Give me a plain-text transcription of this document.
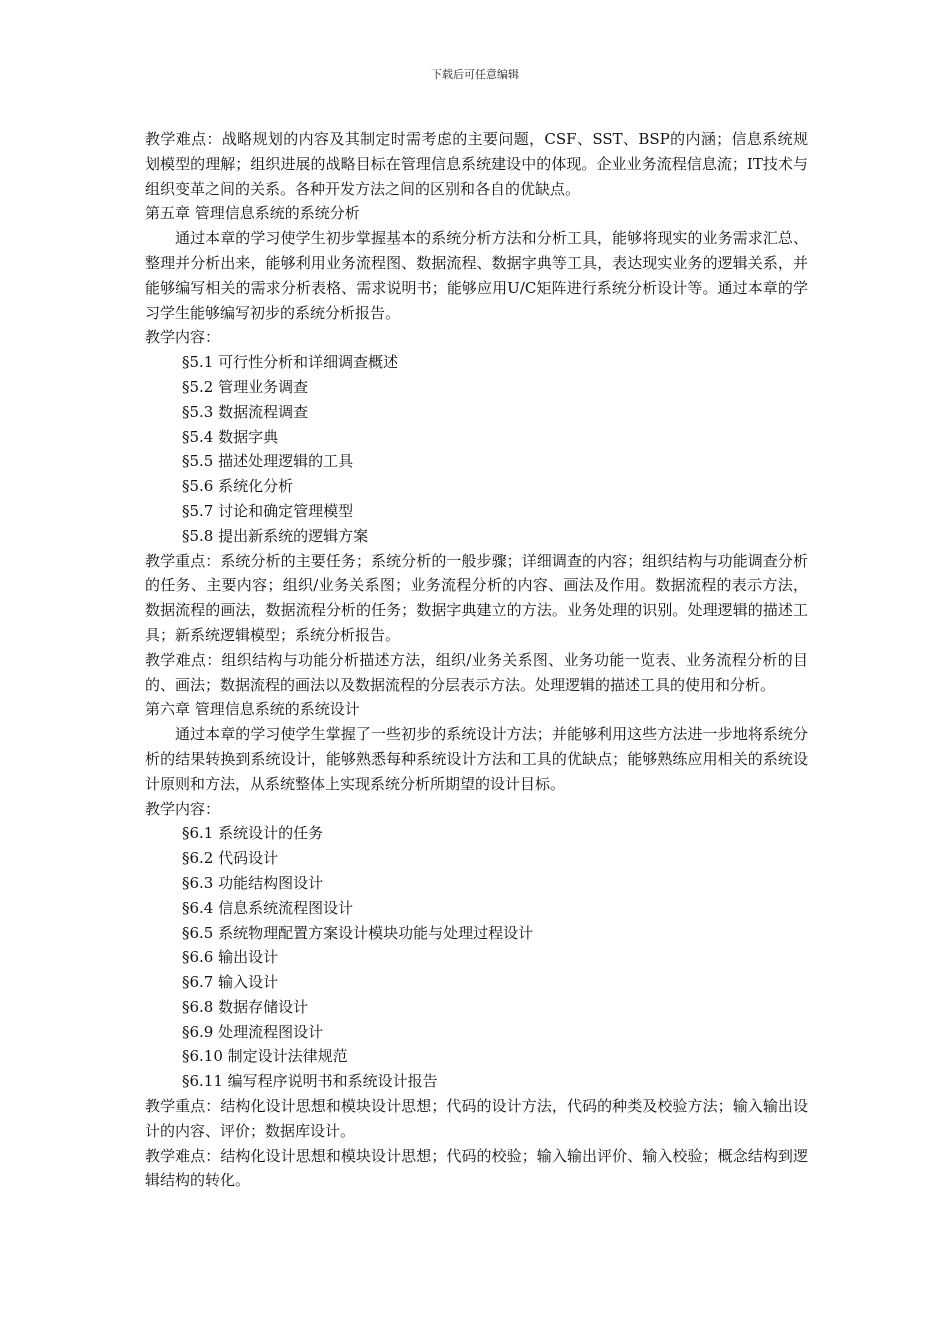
下载后可任意编辑

教学难点：战略规划的内容及其制定时需考虑的主要问题，CSF、SST、BSP的内涵；信息系统规划模型的理解；组织进展的战略目标在管理信息系统建设中的体现。企业业务流程信息流；IT技术与组织变革之间的关系。各种开发方法之间的区别和各自的优缺点。

第五章 管理信息系统的系统分析

通过本章的学习使学生初步掌握基本的系统分析方法和分析工具，能够将现实的业务需求汇总、整理并分析出来，能够利用业务流程图、数据流程、数据字典等工具，表达现实业务的逻辑关系，并能够编写相关的需求分析表格、需求说明书；能够应用U/C矩阵进行系统分析设计等。通过本章的学习学生能够编写初步的系统分析报告。

教学内容：

§5.1 可行性分析和详细调查概述

§5.2 管理业务调查

§5.3 数据流程调查

§5.4 数据字典

§5.5 描述处理逻辑的工具

§5.6 系统化分析

§5.7 讨论和确定管理模型

§5.8 提出新系统的逻辑方案

教学重点：系统分析的主要任务；系统分析的一般步骤；详细调查的内容；组织结构与功能调查分析的任务、主要内容；组织/业务关系图；业务流程分析的内容、画法及作用。数据流程的表示方法，数据流程的画法，数据流程分析的任务；数据字典建立的方法。业务处理的识别。处理逻辑的描述工具；新系统逻辑模型；系统分析报告。

教学难点：组织结构与功能分析描述方法，组织/业务关系图、业务功能一览表、业务流程分析的目的、画法；数据流程的画法以及数据流程的分层表示方法。处理逻辑的描述工具的使用和分析。

第六章 管理信息系统的系统设计

通过本章的学习使学生掌握了一些初步的系统设计方法；并能够利用这些方法进一步地将系统分析的结果转换到系统设计，能够熟悉每种系统设计方法和工具的优缺点；能够熟练应用相关的系统设计原则和方法，从系统整体上实现系统分析所期望的设计目标。

教学内容：

§6.1 系统设计的任务

§6.2 代码设计

§6.3 功能结构图设计

§6.4 信息系统流程图设计

§6.5 系统物理配置方案设计模块功能与处理过程设计

§6.6 输出设计

§6.7 输入设计

§6.8 数据存储设计

§6.9 处理流程图设计

§6.10 制定设计法律规范

§6.11 编写程序说明书和系统设计报告

教学重点：结构化设计思想和模块设计思想；代码的设计方法，代码的种类及校验方法；输入输出设计的内容、评价；数据库设计。

教学难点：结构化设计思想和模块设计思想；代码的校验；输入输出评价、输入校验；概念结构到逻辑结构的转化。
